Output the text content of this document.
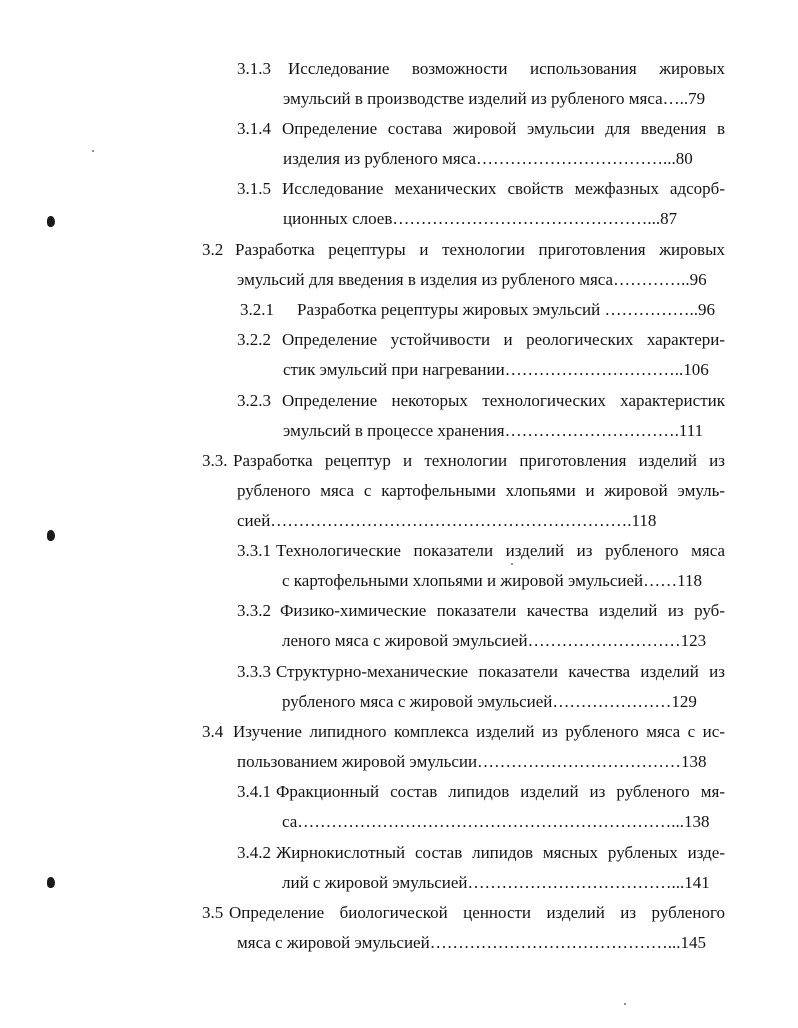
3.1.3 Исследование возможности использования жировых
эмульсий в производстве изделий из рубленого мяса…..79
3.1.4 Определение состава жировой эмульсии для введения в
изделия из рубленого мяса……………………………...80
3.1.5 Исследование механических свойств межфазных адсорб-
ционных слоев………………………………………...87
3.2 Разработка рецептуры и технологии приготовления жировых
эмульсий для введения в изделия из рубленого мяса…………..96
3.2.1 Разработка рецептуры жировых эмульсий ……………..96
3.2.2 Определение устойчивости и реологических характери-
стик эмульсий при нагревании…………………………..106
3.2.3 Определение некоторых технологических характеристик
эмульсий в процессе хранения………………………….111
3.3. Разработка рецептур и технологии приготовления изделий из
рубленого мяса с картофельными хлопьями и жировой эмуль-
сией……………………………………………………….118
3.3.1 Технологические показатели изделий из рубленого мяса
с картофельными хлопьями и жировой эмульсией……118
3.3.2 Физико-химические показатели качества изделий из руб-
леного мяса с жировой эмульсией………………………123
3.3.3 Структурно-механические показатели качества изделий из
рубленого мяса с жировой эмульсией…………………129
3.4 Изучение липидного комплекса изделий из рубленого мяса с ис-
пользованием жировой эмульсии………………………………138
3.4.1 Фракционный состав липидов изделий из рубленого мя-
са…………………………………………………………...138
3.4.2 Жирнокислотный состав липидов мясных рубленых изде-
лий с жировой эмульсией………………………………...141
3.5 Определение биологической ценности изделий из рубленого
мяса с жировой эмульсией……………………………………...145
